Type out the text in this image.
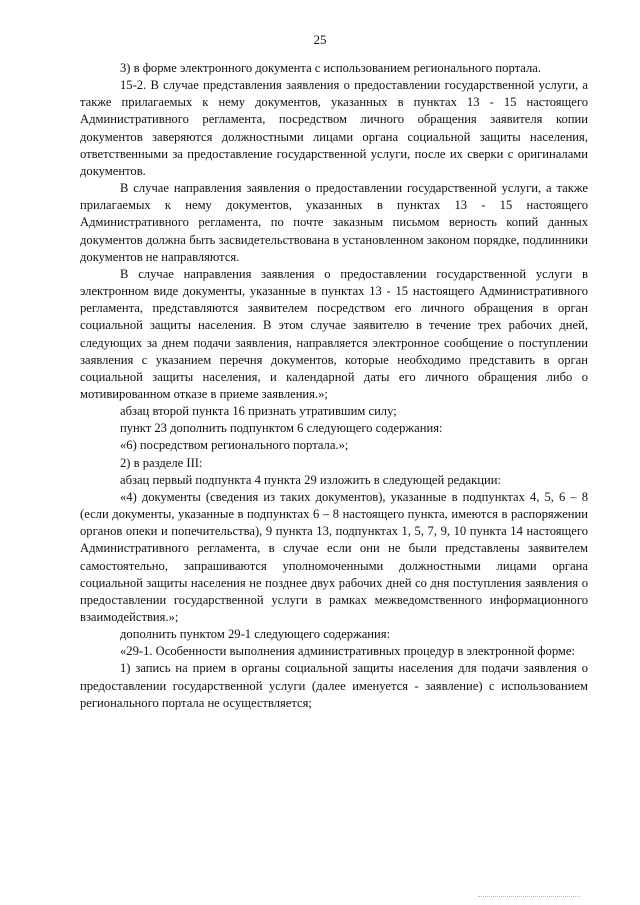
25

3) в форме электронного документа с использованием регионального портала.

15-2. В случае представления заявления о предоставлении государственной услуги, а также прилагаемых к нему документов, указанных в пунктах 13 - 15 настоящего Административного регламента, посредством личного обращения заявителя копии документов заверяются должностными лицами органа социальной защиты населения, ответственными за предоставление государственной услуги, после их сверки с оригиналами документов.

В случае направления заявления о предоставлении государственной услуги, а также прилагаемых к нему документов, указанных в пунктах 13 - 15 настоящего Административного регламента, по почте заказным письмом верность копий данных документов должна быть засвидетельствована в установленном законом порядке, подлинники документов не направляются.

В случае направления заявления о предоставлении государственной услуги в электронном виде документы, указанные в пунктах 13 - 15 настоящего Административного регламента, представляются заявителем посредством его личного обращения в орган социальной защиты населения. В этом случае заявителю в течение трех рабочих дней, следующих за днем подачи заявления, направляется электронное сообщение о поступлении заявления с указанием перечня документов, которые необходимо представить в орган социальной защиты населения, и календарной даты его личного обращения либо о мотивированном отказе в приеме заявления.»;

абзац второй пункта 16 признать утратившим силу;

пункт 23 дополнить подпунктом 6 следующего содержания:

«6) посредством регионального портала.»;

2) в разделе III:

абзац первый подпункта 4 пункта 29 изложить в следующей редакции:

«4) документы (сведения из таких документов), указанные в подпунктах 4, 5, 6 – 8 (если документы, указанные в подпунктах 6 – 8 настоящего пункта, имеются в распоряжении органов опеки и попечительства), 9 пункта 13, подпунктах 1, 5, 7, 9, 10 пункта 14 настоящего Административного регламента, в случае если они не были представлены заявителем самостоятельно, запрашиваются уполномоченными должностными лицами органа социальной защиты населения не позднее двух рабочих дней со дня поступления заявления о предоставлении государственной услуги в рамках межведомственного информационного взаимодействия.»;

дополнить пунктом 29-1 следующего содержания:

«29-1. Особенности выполнения административных процедур в электронной форме:

1) запись на прием в органы социальной защиты населения для подачи заявления о предоставлении государственной услуги (далее именуется - заявление) с использованием регионального портала не осуществляется;
